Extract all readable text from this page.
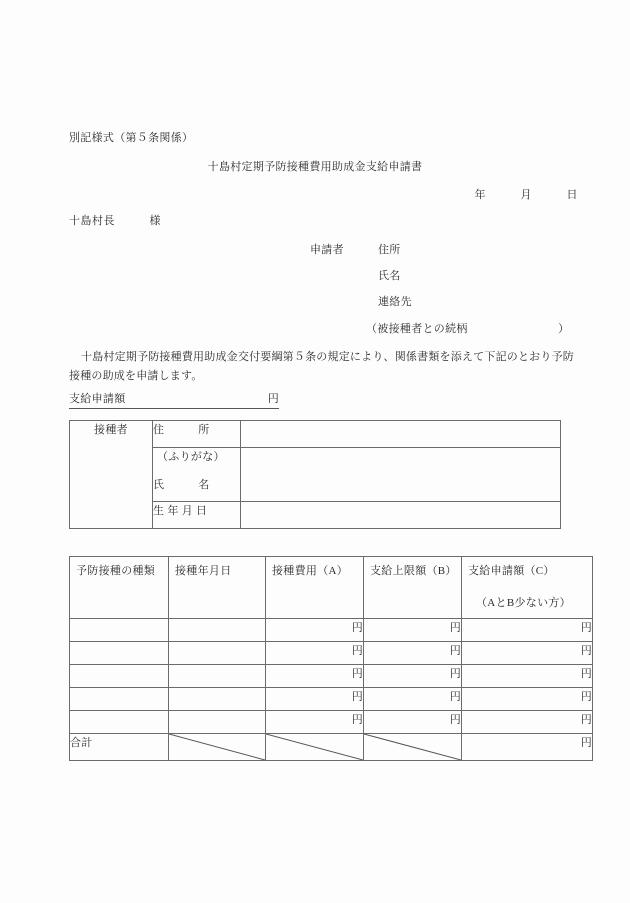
別記様式（第５条関係）
十島村定期予防接種費用助成金支給申請書
年　　　月　　　日
十島村長　　　様
申請者	住所
氏名
連絡先
（被接種者との続柄　　　　　　　　）
十島村定期予防接種費用助成金交付要綱第５条の規定により、関係書類を添えて下記のとおり予防接種の助成を申請します。
支給申請額	円
接種者	住　　　所	

	（ふりがな）
氏　　　名	

	生 年 月 日	
予防接種の種類	接種年月日	接種費用（A）	支給上限額（B）	支給申請額（C）
（AとB少ない方）

		円	円	円
		円	円	円
		円	円	円
		円	円	円
		円	円	円
合計				円
